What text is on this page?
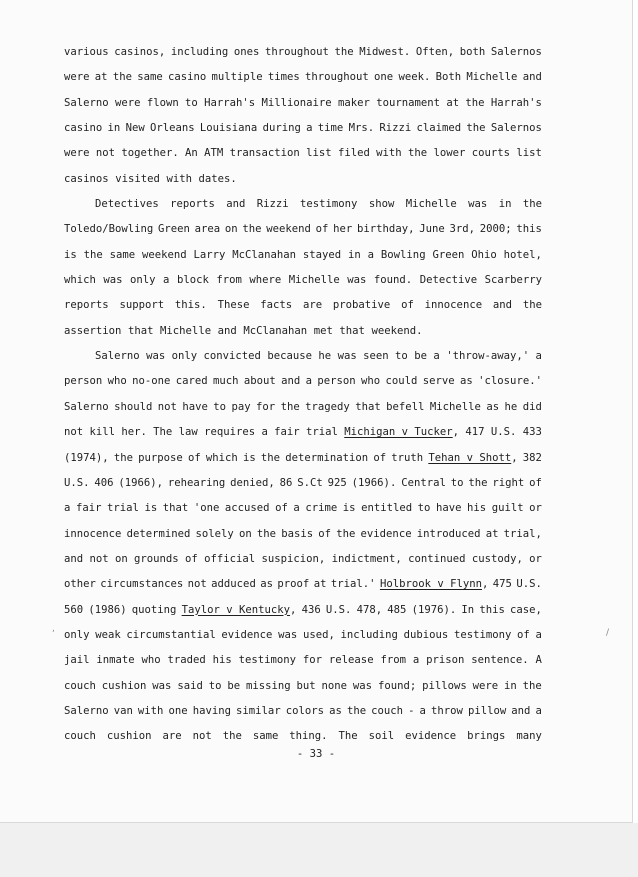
various casinos, including ones throughout the Midwest. Often, both Salernos
were at the same casino multiple times throughout one week. Both Michelle and
Salerno were flown to Harrah's Millionaire maker tournament at the Harrah's
casino in New Orleans Louisiana during a time Mrs. Rizzi claimed the Salernos
were not together. An ATM transaction list filed with the lower courts list
casinos visited with dates.
Detectives reports and Rizzi testimony show Michelle was in the
Toledo/Bowling Green area on the weekend of her birthday, June 3rd, 2000; this
is the same weekend Larry McClanahan stayed in a Bowling Green Ohio hotel,
which was only a block from where Michelle was found. Detective Scarberry
reports support this. These facts are probative of innocence and the
assertion that Michelle and McClanahan met that weekend.
Salerno was only convicted because he was seen to be a 'throw-away,' a
person who no-one cared much about and a person who could serve as 'closure.'
Salerno should not have to pay for the tragedy that befell Michelle as he did
not kill her. The law requires a fair trial Michigan v Tucker, 417 U.S. 433
(1974), the purpose of which is the determination of truth Tehan v Shott, 382
U.S. 406 (1966), rehearing denied, 86 S.Ct 925 (1966). Central to the right of
a fair trial is that 'one accused of a crime is entitled to have his guilt or
innocence determined solely on the basis of the evidence introduced at trial,
and not on grounds of official suspicion, indictment, continued custody, or
other circumstances not adduced as proof at trial.' Holbrook v Flynn, 475 U.S.
560 (1986) quoting Taylor v Kentucky, 436 U.S. 478, 485 (1976). In this case,
only weak circumstantial evidence was used, including dubious testimony of a
jail inmate who traded his testimony for release from a prison sentence. A
couch cushion was said to be missing but none was found; pillows were in the
Salerno van with one having similar colors as the couch - a throw pillow and a
couch cushion are not the same thing. The soil evidence brings many
- 33 -
,	/
